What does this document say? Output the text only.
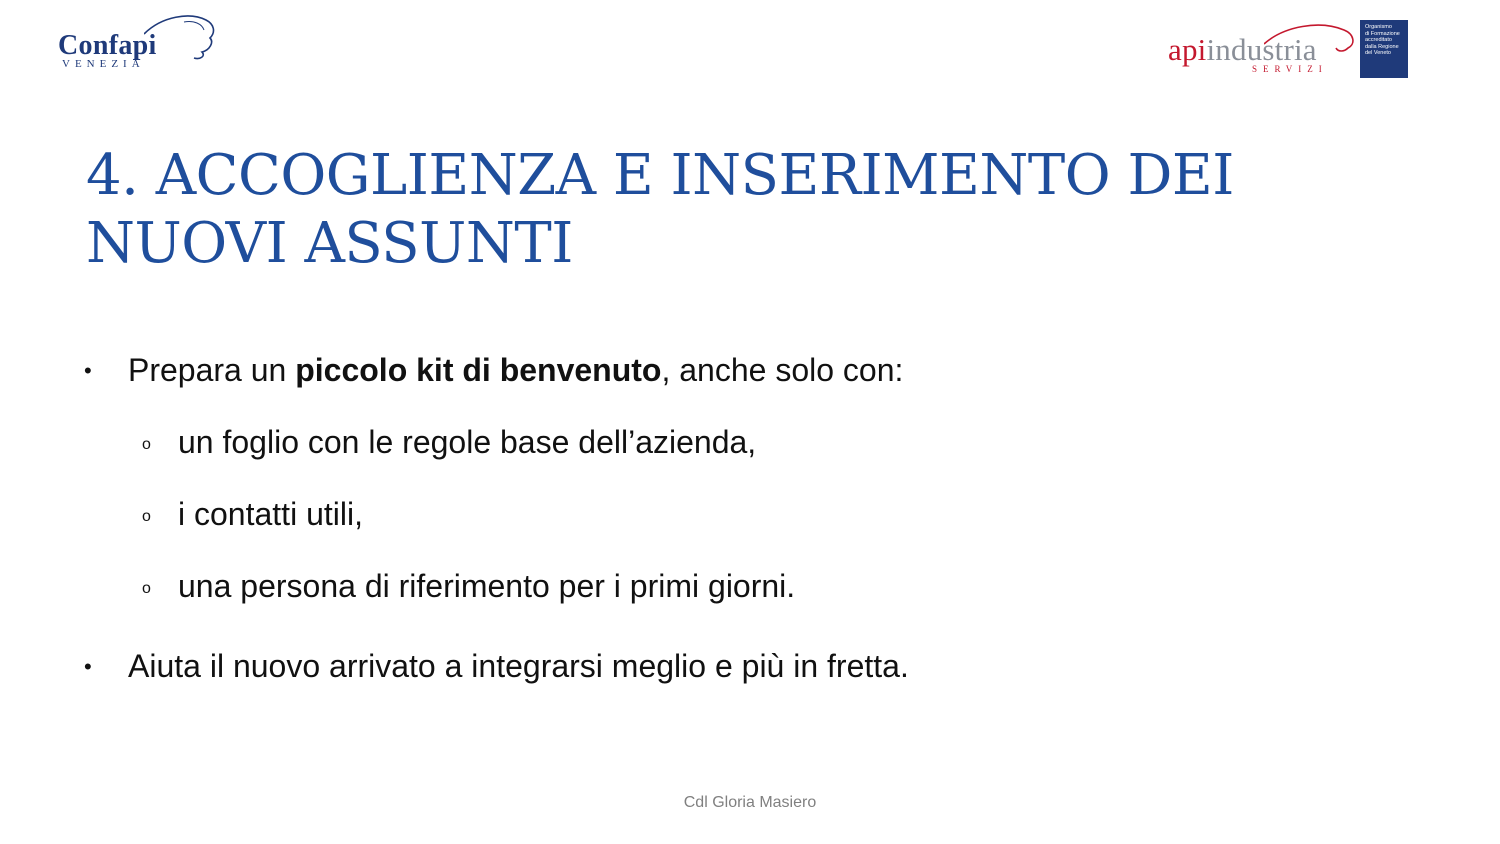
Confapi
VENEZIA	apiindustria
SERVIZI
Organismo
di Formazione
accreditato
dalla Regione
del Veneto
4. ACCOGLIENZA E INSERIMENTO DEI NUOVI ASSUNTI
• Prepara un piccolo kit di benvenuto, anche solo con:
o un foglio con le regole base dell’azienda,
o i contatti utili,
o una persona di riferimento per i primi giorni.
• Aiuta il nuovo arrivato a integrarsi meglio e più in fretta.
Cdl Gloria Masiero
